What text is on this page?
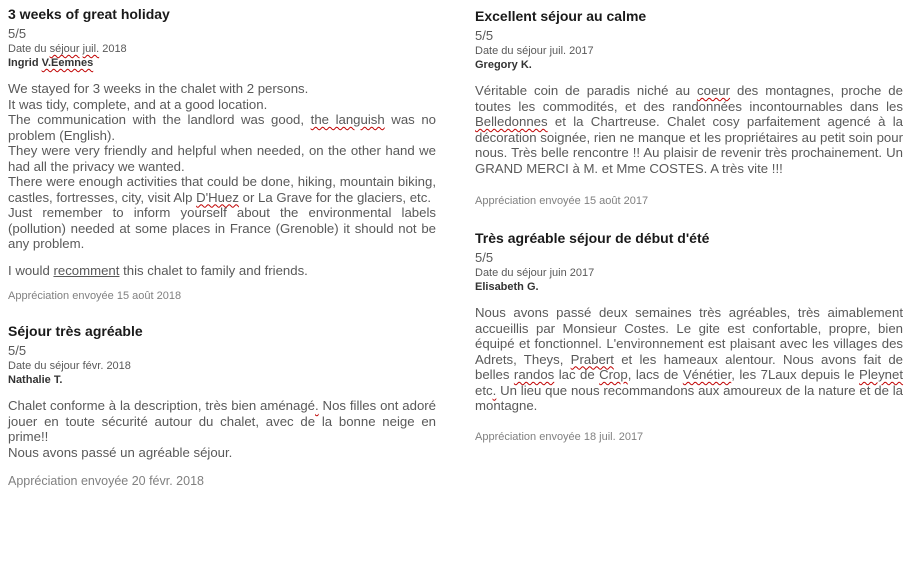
3 weeks of great holiday
5/5
Date du séjour juil. 2018
Ingrid V.Eemnes
We stayed for 3 weeks in the chalet with 2 persons.
It was tidy, complete, and at a good location.
The communication with the landlord was good, the languish was no problem (English).
They were very friendly and helpful when needed, on the other hand we had all the privacy we wanted.
There were enough activities that could be done, hiking, mountain biking, castles, fortresses, city, visit Alp D'Huez or La Grave for the glaciers, etc.
Just remember to inform yourself about the environmental labels (pollution) needed at some places in France (Grenoble) it should not be any problem.
I would recomment this chalet to family and friends.
Appréciation envoyée 15 août 2018
Séjour très agréable
5/5
Date du séjour févr. 2018
Nathalie T.
Chalet conforme à la description, très bien aménagé. Nos filles ont adoré jouer en toute sécurité autour du chalet, avec de la bonne neige en prime!!
Nous avons passé un agréable séjour.
Appréciation envoyée 20 févr. 2018
Excellent séjour au calme
5/5
Date du séjour juil. 2017
Gregory K.
Véritable coin de paradis niché au coeur des montagnes, proche de toutes les commodités, et des randonnées incontournables dans les Belledonnes et la Chartreuse. Chalet cosy parfaitement agencé à la décoration soignée, rien ne manque et les propriétaires au petit soin pour nous. Très belle rencontre !! Au plaisir de revenir très prochainement. Un GRAND MERCI à M. et Mme COSTES. A très vite !!!
Appréciation envoyée 15 août 2017
Très agréable séjour de début d'été
5/5
Date du séjour juin 2017
Elisabeth G.
Nous avons passé deux semaines très agréables, très aimablement accueillis par Monsieur Costes. Le gite est confortable, propre, bien équipé et fonctionnel. L'environnement est plaisant avec les villages des Adrets, Theys, Prabert et les hameaux alentour. Nous avons fait de belles randos lac de Crop, lacs de Vénétier, les 7Laux depuis le Pleynet etc. Un lieu que nous recommandons aux amoureux de la nature et de la montagne.
Appréciation envoyée 18 juil. 2017
